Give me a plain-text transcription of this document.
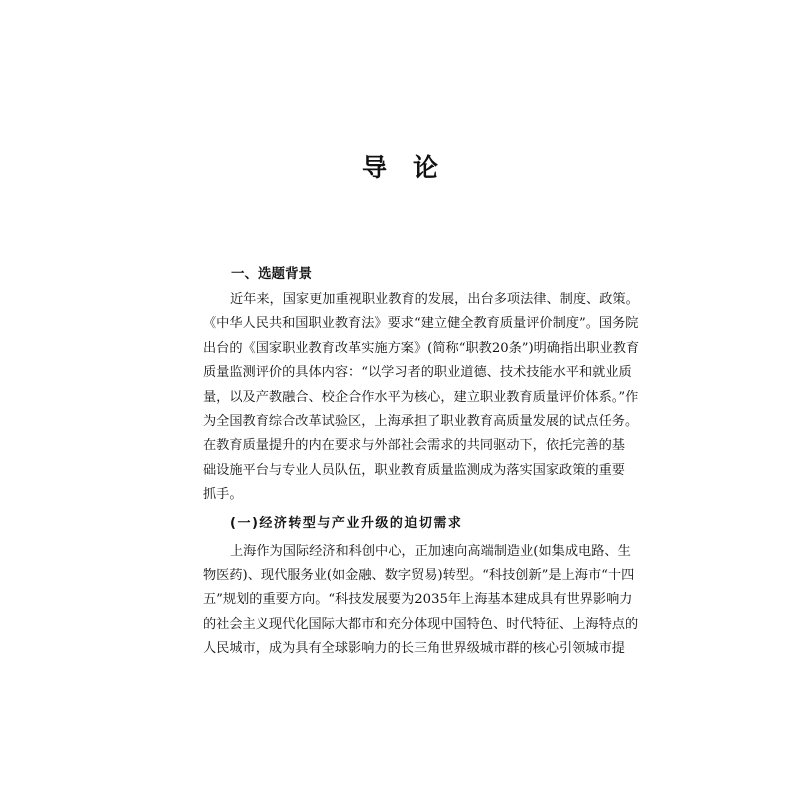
导论
一、选题背景

近年来，国家更加重视职业教育的发展，出台多项法律、制度、政策。
《中华人民共和国职业教育法》要求“建立健全教育质量评价制度”。国务院
出台的《国家职业教育改革实施方案》(简称“职教20条”)明确指出职业教育
质量监测评价的具体内容：“以学习者的职业道德、技术技能水平和就业质
量，以及产教融合、校企合作水平为核心，建立职业教育质量评价体系。”作
为全国教育综合改革试验区，上海承担了职业教育高质量发展的试点任务。
在教育质量提升的内在要求与外部社会需求的共同驱动下，依托完善的基
础设施平台与专业人员队伍，职业教育质量监测成为落实国家政策的重要
抓手。

(一)经济转型与产业升级的迫切需求

上海作为国际经济和科创中心，正加速向高端制造业(如集成电路、生
物医药)、现代服务业(如金融、数字贸易)转型。“科技创新”是上海市“十四
五”规划的重要方向。“科技发展要为2035年上海基本建成具有世界影响力
的社会主义现代化国际大都市和充分体现中国特色、时代特征、上海特点的
人民城市，成为具有全球影响力的长三角世界级城市群的核心引领城市提
